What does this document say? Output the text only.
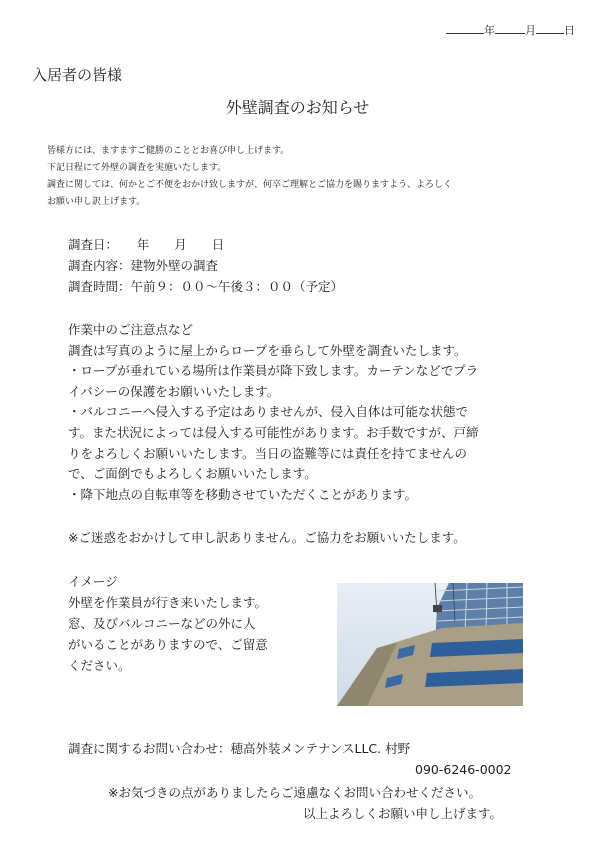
年	月	日
入居者の皆様
外壁調査のお知らせ
皆様方には、ますますご健勝のこととお喜び申し上げます。
下記日程にて外壁の調査を実施いたします。
調査に関しては、何かとご不便をおかけ致しますが、何卒ご理解とご協力を賜りますよう、よろしく
お願い申し訳上げます。
調査日：　　年　　月　　日
調査内容：建物外壁の調査
調査時間：午前９：００〜午後３：００（予定）
作業中のご注意点など
調査は写真のように屋上からロープを垂らして外壁を調査いたします。
・ロープが垂れている場所は作業員が降下致します。カーテンなどでプラ
イバシーの保護をお願いいたします。
・バルコニーへ侵入する予定はありませんが、侵入自体は可能な状態で
す。また状況によっては侵入する可能性があります。お手数ですが、戸締
りをよろしくお願いいたします。当日の盗難等には責任を持てませんの
で、ご面倒でもよろしくお願いいたします。
・降下地点の自転車等を移動させていただくことがあります。
※ご迷惑をおかけして申し訳ありません。ご協力をお願いいたします。
イメージ
外壁を作業員が行き来いたします。
窓、及びバルコニーなどの外に人
がいることがありますので、ご留意
ください。
調査に関するお問い合わせ：穂高外装メンテナンスLLC. 村野
090-6246-0002
※お気づきの点がありましたらご遠慮なくお問い合わせください。
以上よろしくお願い申し上げます。
